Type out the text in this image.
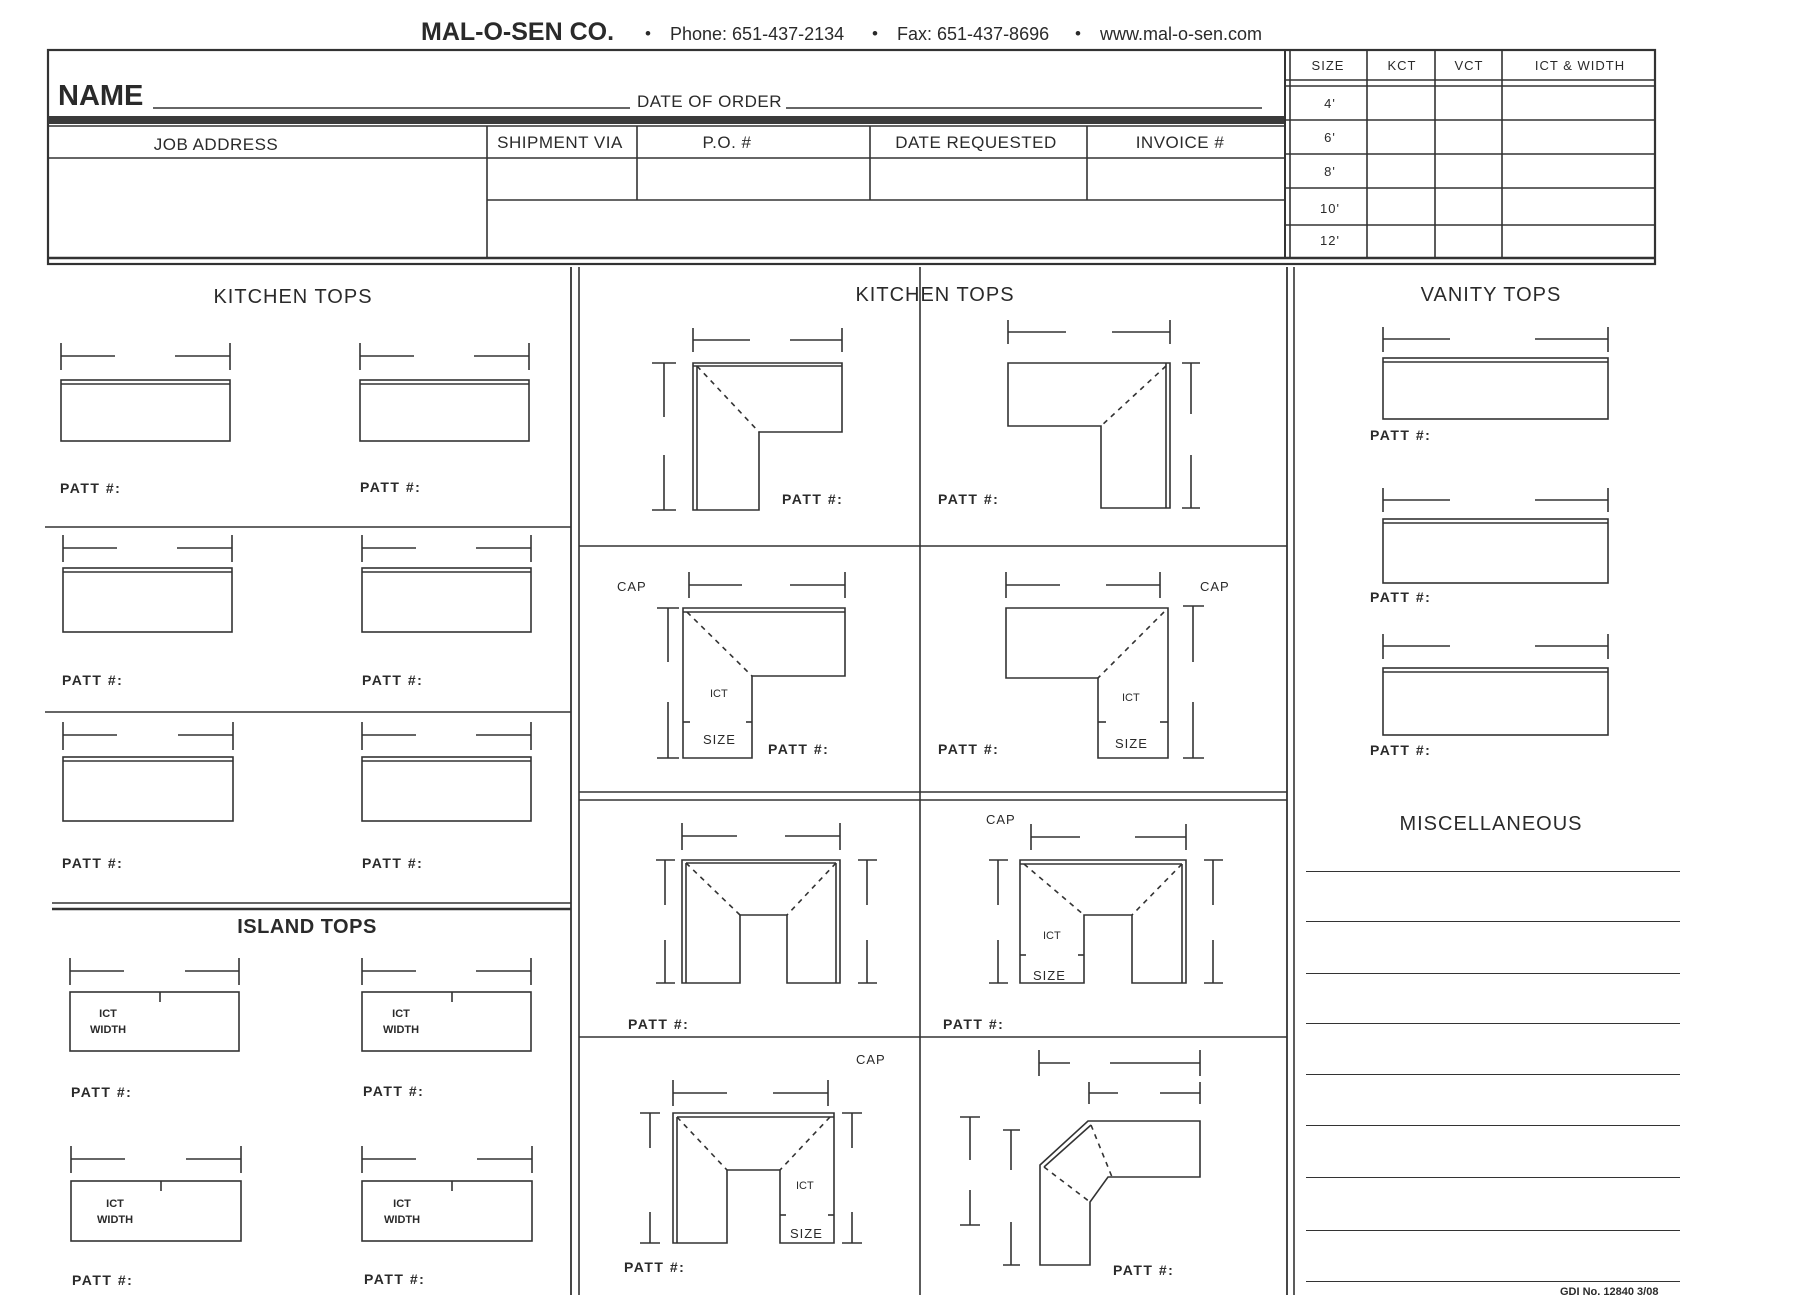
MAL-O-SEN CO. • Phone: 651-437-2134 • Fax: 651-437-8696 • www.mal-o-sen.com
NAME	DATE OF ORDER
JOB ADDRESS	SHIPMENT VIA	P.O. #	DATE REQUESTED	INVOICE #
SIZE	KCT	VCT	ICT & WIDTH
4'
6'
8'
10'
12'
KITCHEN TOPS	KITCHEN TOPS	VANITY TOPS
ISLAND TOPS
MISCELLANEOUS
PATT #:	PATT #:
PATT #:	PATT #:
PATT #:	PATT #:
PATT #:	PATT #:
PATT #:	PATT #:
PATT #:	PATT #:
PATT #:	PATT #:
PATT #:	PATT #:
PATT #:	PATT #:
PATT #:
PATT #:
PATT #:
CAP	CAP
CAP
CAP
ICT
SIZE
ICT
SIZE
ICT
SIZE
ICT
SIZE
ICT
WIDTH
ICT
WIDTH
ICT
WIDTH
ICT
WIDTH
GDI No. 12840 3/08
